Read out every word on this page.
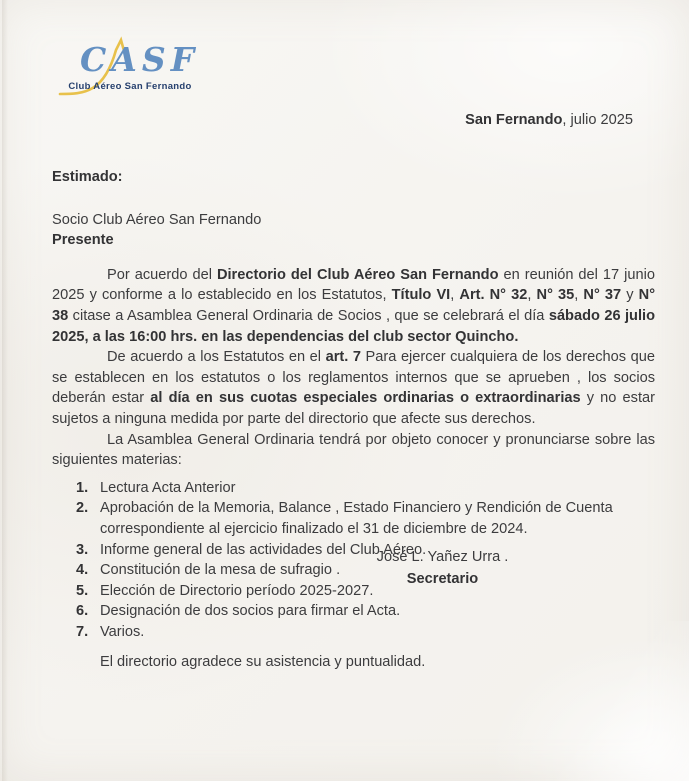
CASF
Club Aéreo San Fernando
San Fernando, julio 2025
Estimado:
Socio Club Aéreo San Fernando
Presente

Por acuerdo del Directorio del Club Aéreo San Fernando en reunión del 17 junio 2025 y conforme a lo establecido en los Estatutos, Título VI, Art. N° 32, N° 35, N° 37 y N° 38 citase a Asamblea General Ordinaria de Socios , que se celebrará el día sábado 26 julio 2025, a las 16:00 hrs. en las dependencias del club sector Quincho.

De acuerdo a los Estatutos en el art. 7 Para ejercer cualquiera de los derechos que se establecen en los estatutos o los reglamentos internos que se aprueben , los socios deberán estar al día en sus cuotas especiales ordinarias o extraordinarias y no estar sujetos a ninguna medida por parte del directorio que afecte sus derechos.

La Asamblea General Ordinaria tendrá por objeto conocer y pronunciarse sobre las siguientes materias:

Lectura Acta Anterior
Aprobación de la Memoria, Balance , Estado Financiero y Rendición de Cuenta correspondiente al ejercicio finalizado el 31 de diciembre de 2024.
Informe general de las actividades del Club Aéreo.
Constitución de la mesa de sufragio .
Elección de Directorio período 2025-2027.
Designación de dos socios para firmar el Acta.
Varios.
El directorio agradece su asistencia y puntualidad.
José L. Yañez Urra .
Secretario
